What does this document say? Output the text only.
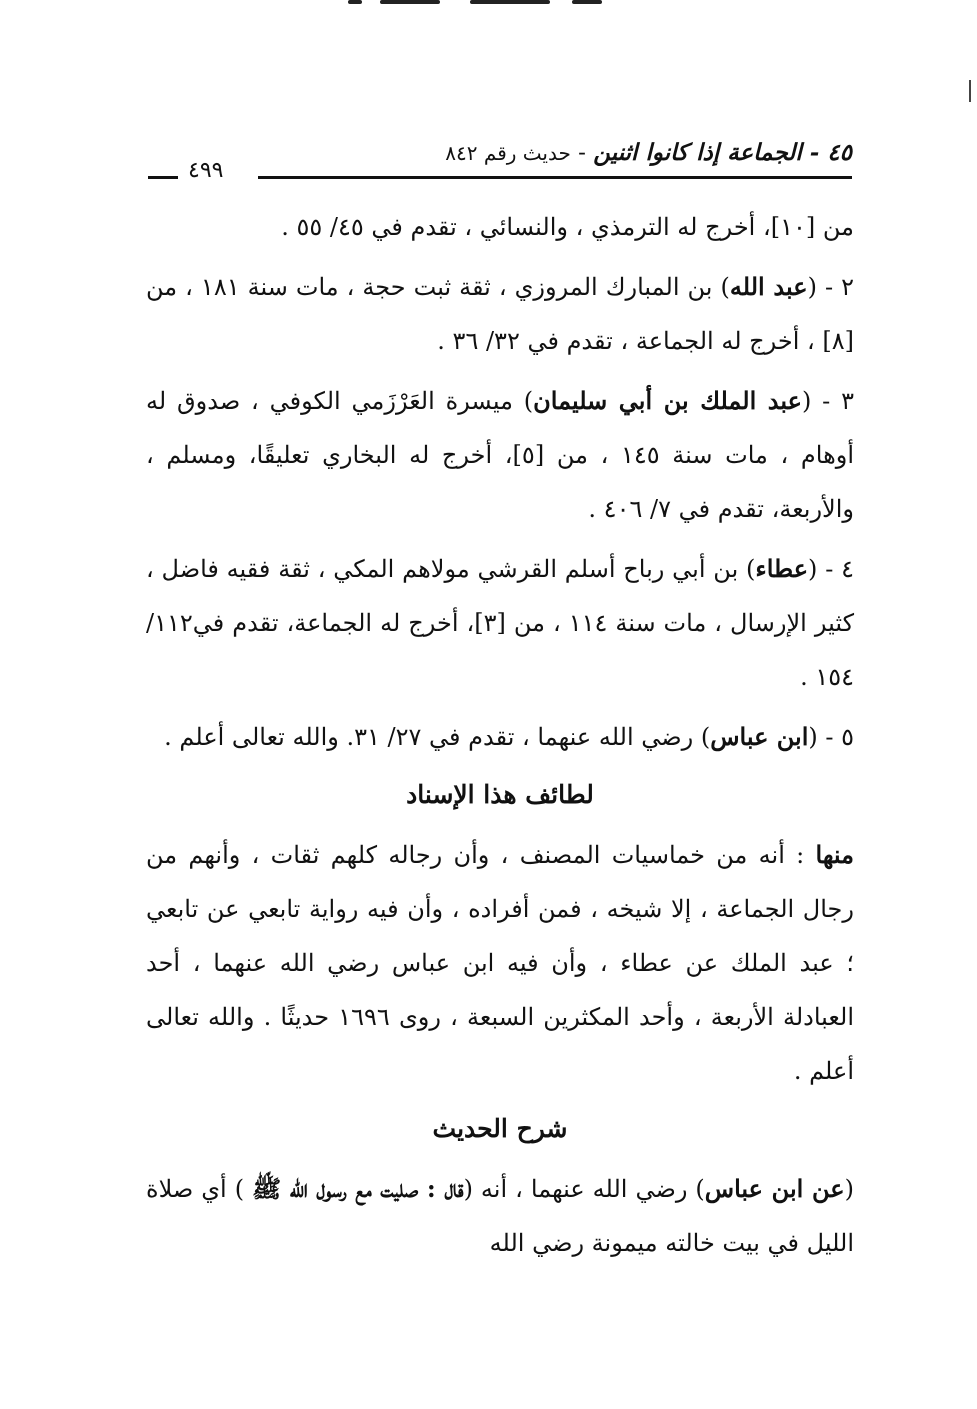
٤٥ - الجماعة إذا كانوا اثنين - حديث رقم ٨٤٢
٤٩٩

من [١٠]، أخرج له الترمذي ، والنسائي ، تقدم في ٤٥/ ٥٥ .

٢ - (عبد الله) بن المبارك المروزي ، ثقة ثبت حجة ، مات سنة ١٨١ ، من [٨] ، أخرج له الجماعة ، تقدم في ٣٢/ ٣٦ .

٣ - (عبد الملك بن أبي سليمان) ميسرة العَرْزَمي الكوفي ، صدوق له أوهام ، مات سنة ١٤٥ ، من [٥]، أخرج له البخاري تعليقًا، ومسلم ، والأربعة، تقدم في ٧/ ٤٠٦ .

٤ - (عطاء) بن أبي رباح أسلم القرشي مولاهم المكي ، ثقة فقيه فاضل ، كثير الإرسال ، مات سنة ١١٤ ، من [٣]، أخرج له الجماعة، تقدم في١١٢/ ١٥٤ .

٥ - (ابن عباس) رضي الله عنهما ، تقدم في ٢٧/ ٣١. والله تعالى أعلم .

لطائف هذا الإسناد

منها : أنه من خماسيات المصنف ، وأن رجاله كلهم ثقات ، وأنهم من رجال الجماعة ، إلا شيخه ، فمن أفراده ، وأن فيه رواية تابعي عن تابعي ؛ عبد الملك عن عطاء ، وأن فيه ابن عباس رضي الله عنهما ، أحد العبادلة الأربعة ، وأحد المكثرين السبعة ، روى ١٦٩٦ حديثًا . والله تعالى أعلم .

شرح الحديث

(عن ابن عباس) رضي الله عنهما ، أنه (قال : صليت مع رسول الله ﷺ ) أي صلاة الليل في بيت خالته ميمونة رضي الله
